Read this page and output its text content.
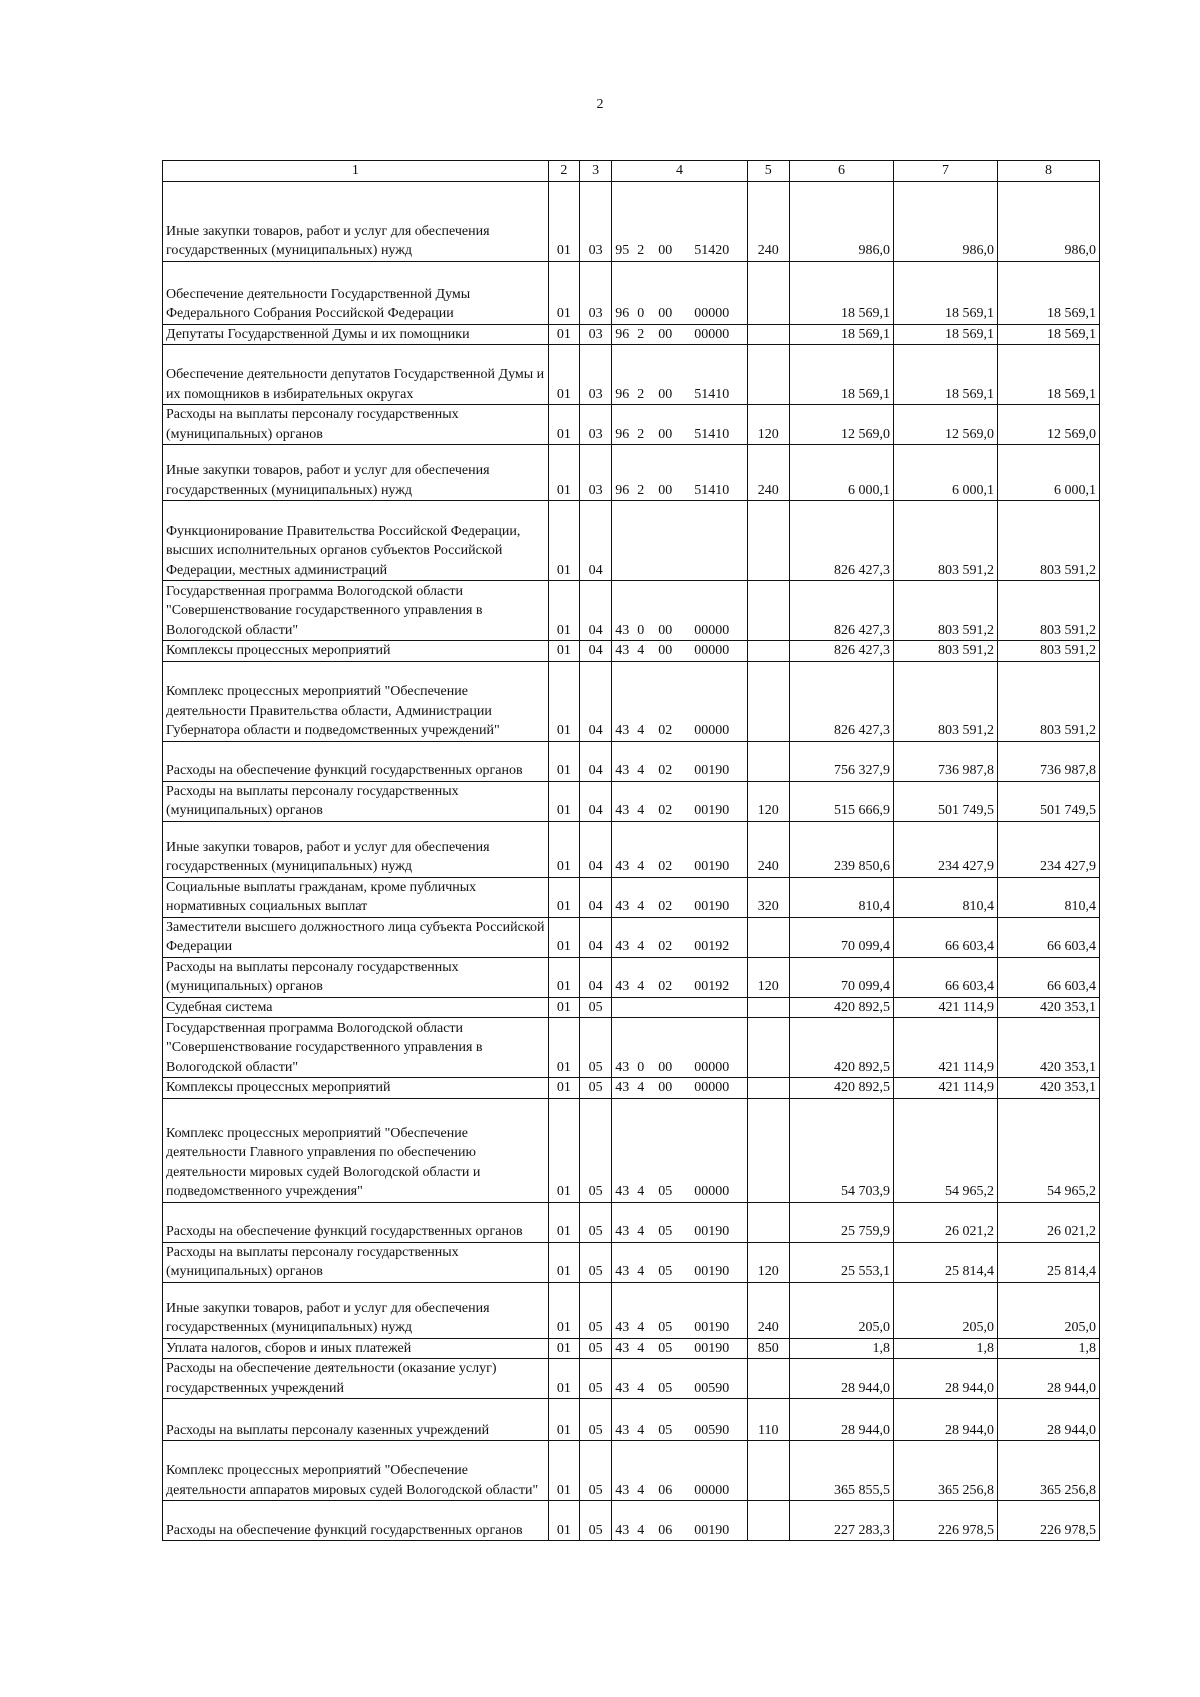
2
1	2	3	4	5	6	7	8
Иные закупки товаров, работ и услуг для обеспечения государственных (муниципальных) нужд	01	03	95 2 00 51420	240	986,0	986,0	986,0
Обеспечение деятельности Государственной Думы Федерального Собрания Российской Федерации	01	03	96 0 00 00000		18 569,1	18 569,1	18 569,1
Депутаты Государственной Думы и их помощники	01	03	96 2 00 00000		18 569,1	18 569,1	18 569,1
Обеспечение деятельности депутатов Государственной Думы и их помощников в избирательных округах	01	03	96 2 00 51410		18 569,1	18 569,1	18 569,1
Расходы на выплаты персоналу государственных (муниципальных) органов	01	03	96 2 00 51410	120	12 569,0	12 569,0	12 569,0
Иные закупки товаров, работ и услуг для обеспечения государственных (муниципальных) нужд	01	03	96 2 00 51410	240	6 000,1	6 000,1	6 000,1
Функционирование Правительства Российской Федерации, высших исполнительных органов субъектов Российской Федерации, местных администраций	01	04			826 427,3	803 591,2	803 591,2
Государственная программа Вологодской области "Совершенствование государственного управления в Вологодской области"	01	04	43 0 00 00000		826 427,3	803 591,2	803 591,2
Комплексы процессных мероприятий	01	04	43 4 00 00000		826 427,3	803 591,2	803 591,2
Комплекс процессных мероприятий "Обеспечение деятельности Правительства области, Администрации Губернатора области и подведомственных учреждений"	01	04	43 4 02 00000		826 427,3	803 591,2	803 591,2
Расходы на обеспечение функций государственных органов	01	04	43 4 02 00190		756 327,9	736 987,8	736 987,8
Расходы на выплаты персоналу государственных (муниципальных) органов	01	04	43 4 02 00190	120	515 666,9	501 749,5	501 749,5
Иные закупки товаров, работ и услуг для обеспечения государственных (муниципальных) нужд	01	04	43 4 02 00190	240	239 850,6	234 427,9	234 427,9
Социальные выплаты гражданам, кроме публичных нормативных социальных выплат	01	04	43 4 02 00190	320	810,4	810,4	810,4
Заместители высшего должностного лица субъекта Российской Федерации	01	04	43 4 02 00192		70 099,4	66 603,4	66 603,4
Расходы на выплаты персоналу государственных (муниципальных) органов	01	04	43 4 02 00192	120	70 099,4	66 603,4	66 603,4
Судебная система	01	05			420 892,5	421 114,9	420 353,1
Государственная программа Вологодской области "Совершенствование государственного управления в Вологодской области"	01	05	43 0 00 00000		420 892,5	421 114,9	420 353,1
Комплексы процессных мероприятий	01	05	43 4 00 00000		420 892,5	421 114,9	420 353,1
Комплекс процессных мероприятий "Обеспечение деятельности Главного управления по обеспечению деятельности мировых судей Вологодской области и подведомственного учреждения"	01	05	43 4 05 00000		54 703,9	54 965,2	54 965,2
Расходы на обеспечение функций государственных органов	01	05	43 4 05 00190		25 759,9	26 021,2	26 021,2
Расходы на выплаты персоналу государственных (муниципальных) органов	01	05	43 4 05 00190	120	25 553,1	25 814,4	25 814,4
Иные закупки товаров, работ и услуг для обеспечения государственных (муниципальных) нужд	01	05	43 4 05 00190	240	205,0	205,0	205,0
Уплата налогов, сборов и иных платежей	01	05	43 4 05 00190	850	1,8	1,8	1,8
Расходы на обеспечение деятельности (оказание услуг) государственных учреждений	01	05	43 4 05 00590		28 944,0	28 944,0	28 944,0
Расходы на выплаты персоналу казенных учреждений	01	05	43 4 05 00590	110	28 944,0	28 944,0	28 944,0
Комплекс процессных мероприятий "Обеспечение деятельности аппаратов мировых судей Вологодской области"	01	05	43 4 06 00000		365 855,5	365 256,8	365 256,8
Расходы на обеспечение функций государственных органов	01	05	43 4 06 00190		227 283,3	226 978,5	226 978,5
